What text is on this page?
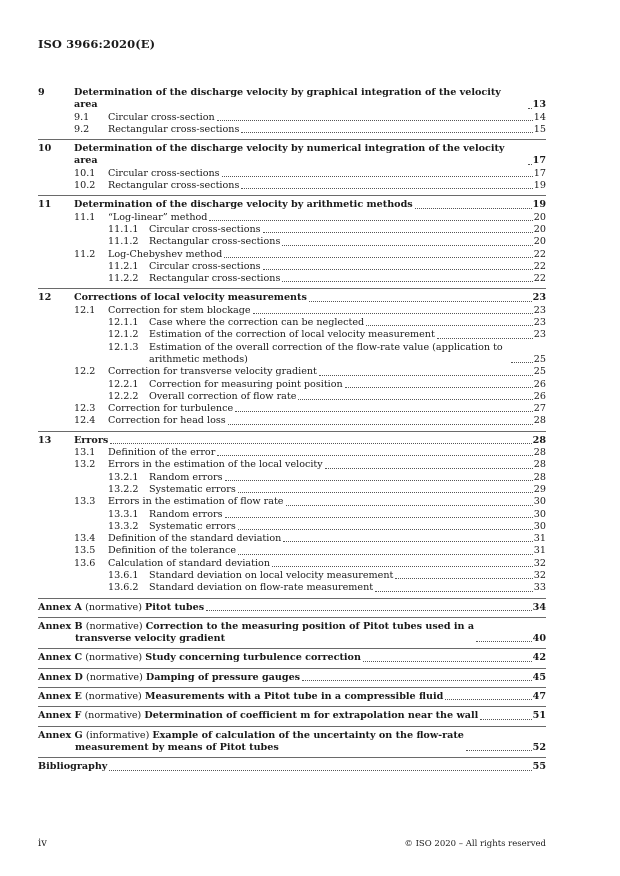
ISO 3966:2020(E)
9	Determination of the discharge velocity by graphical integration of the velocity area	13
9.1 Circular cross-section	14
9.2 Rectangular cross-sections	15
10 Determination of the discharge velocity by numerical integration of the velocity area	17
10.1 Circular cross-sections	17
10.2 Rectangular cross-sections	19
11 Determination of the discharge velocity by arithmetic methods	19
11.1 “Log-linear” method	20
11.1.1 Circular cross-sections	20
11.1.2 Rectangular cross-sections	20
11.2 Log-Chebyshev method	22
11.2.1 Circular cross-sections	22
11.2.2 Rectangular cross-sections	22
12 Corrections of local velocity measurements	23
12.1 Correction for stem blockage	23
12.1.1 Case where the correction can be neglected	23
12.1.2 Estimation of the correction of local velocity measurement	23
12.1.3 Estimation of the overall correction of the flow-rate value (application to arithmetic methods)	25
12.2 Correction for transverse velocity gradient	25
12.2.1 Correction for measuring point position	26
12.2.2 Overall correction of flow rate	26
12.3 Correction for turbulence	27
12.4 Correction for head loss	28
13 Errors	28
13.1 Definition of the error	28
13.2 Errors in the estimation of the local velocity	28
13.2.1 Random errors	28
13.2.2 Systematic errors	29
13.3 Errors in the estimation of flow rate	30
13.3.1 Random errors	30
13.3.2 Systematic errors	30
13.4 Definition of the standard deviation	31
13.5 Definition of the tolerance	31
13.6 Calculation of standard deviation	32
13.6.1 Standard deviation on local velocity measurement	32
13.6.2 Standard deviation on flow-rate measurement	33
Annex A (normative) Pitot tubes	34
Annex B (normative) Correction to the measuring position of Pitot tubes used in a
transverse velocity gradient	40
Annex C (normative) Study concerning turbulence correction	42
Annex D (normative) Damping of pressure gauges	45
Annex E (normative) Measurements with a Pitot tube in a compressible fluid	47
Annex F (normative) Determination of coefficient m for extrapolation near the wall	51
Annex G (informative) Example of calculation of the uncertainty on the flow-rate
measurement by means of Pitot tubes	52
Bibliography	55
iv	© ISO 2020 – All rights reserved
